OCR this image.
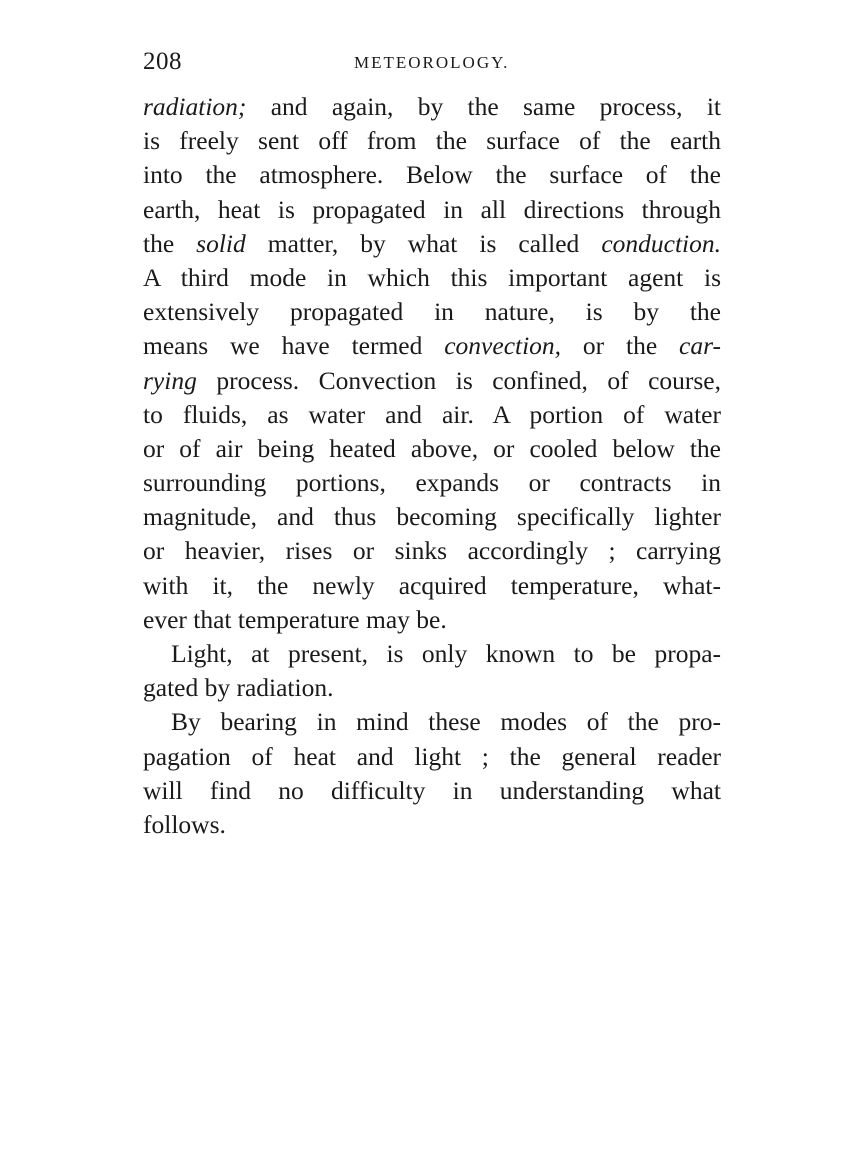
208	METEOROLOGY.
radiation; and again, by the same process, it
is freely sent off from the surface of the earth
into the atmosphere. Below the surface of the
earth, heat is propagated in all directions through
the solid matter, by what is called conduction.
A third mode in which this important agent is
extensively propagated in nature, is by the
means we have termed convection, or the car-
rying process. Convection is confined, of course,
to fluids, as water and air. A portion of water
or of air being heated above, or cooled below the
surrounding portions, expands or contracts in
magnitude, and thus becoming specifically lighter
or heavier, rises or sinks accordingly ; carrying
with it, the newly acquired temperature, what-
ever that temperature may be.
Light, at present, is only known to be propa-
gated by radiation.
By bearing in mind these modes of the pro-
pagation of heat and light ; the general reader
will find no difficulty in understanding what
follows.
